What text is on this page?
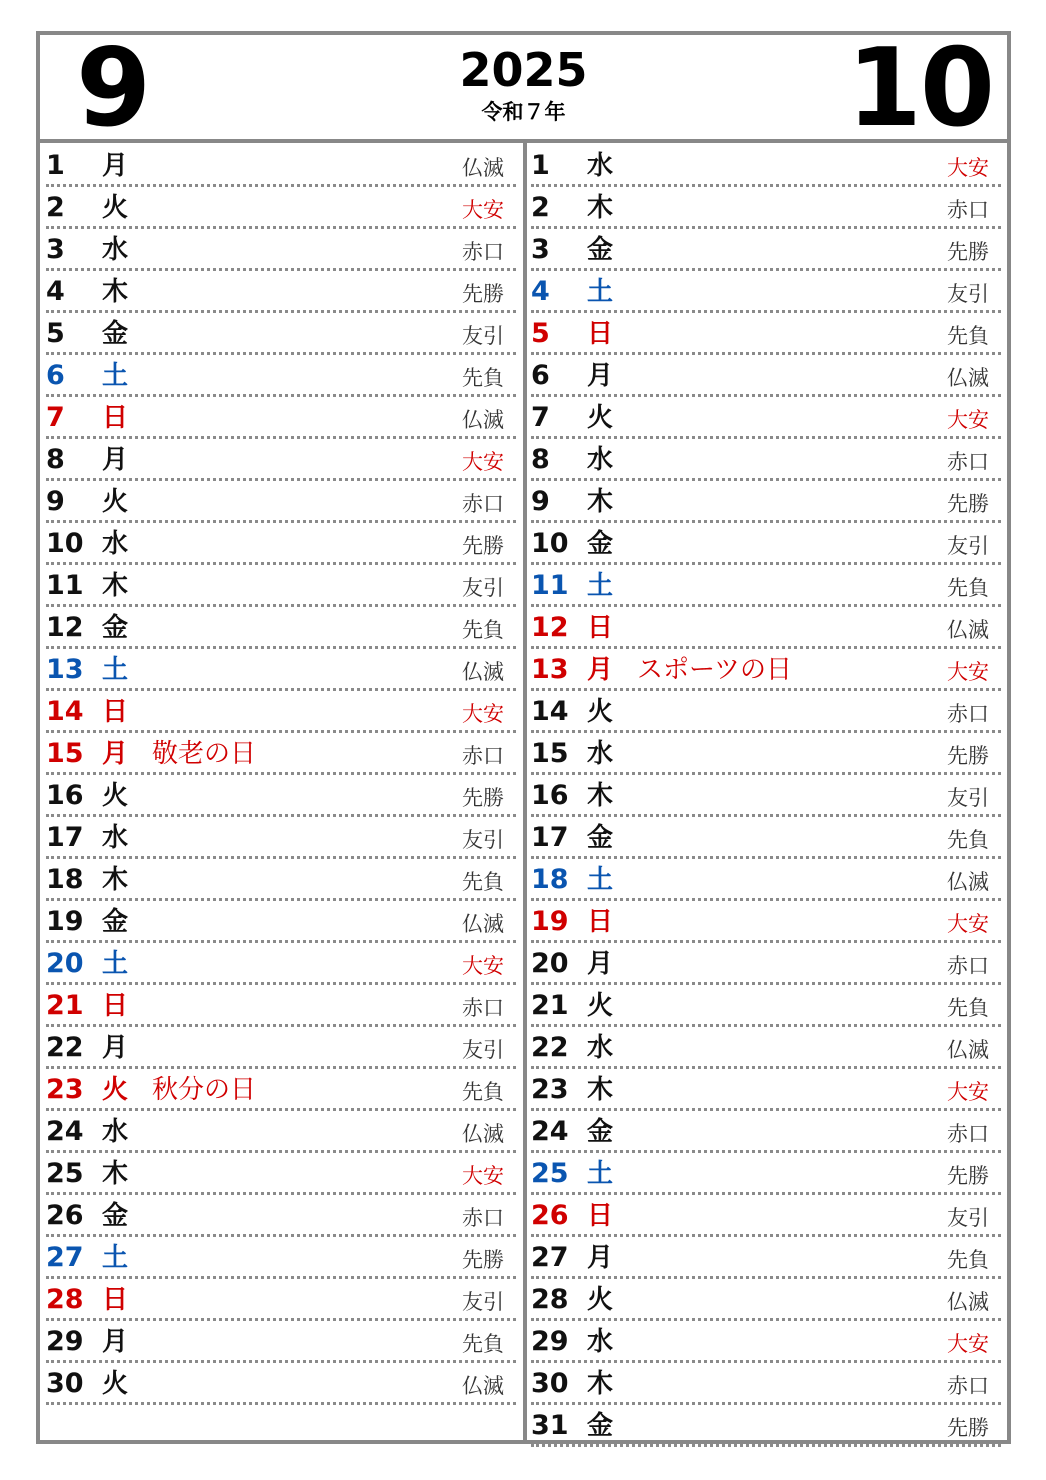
9	2025
令和７年	10
1	月	仏滅
2	火	大安
3	水	赤口
4	木	先勝
5	金	友引
6	土	先負
7	日	仏滅
8	月	大安
9	火	赤口
10 水	先勝
11 木	友引
12 金	先負
13 土	仏滅
14 日	大安
15 月 敬老の日	赤口
16 火	先勝
17 水	友引
18 木	先負
19 金	仏滅
20 土	大安
21 日	赤口
22 月	友引
23 火 秋分の日	先負
24 水	仏滅
25 木	大安
26 金	赤口
27 土	先勝
28 日	友引
29 月	先負
30 火	仏滅
1	水	大安
2	木	赤口
3	金	先勝
4	土	友引
5	日	先負
6	月	仏滅
7	火	大安
8	水	赤口
9	木	先勝
10 金	友引
11 土	先負
12 日	仏滅
13 月 スポーツの日	大安
14 火	赤口
15 水	先勝
16 木	友引
17 金	先負
18 土	仏滅
19 日	大安
20 月	赤口
21 火	先負
22 水	仏滅
23 木	大安
24 金	赤口
25 土	先勝
26 日	友引
27 月	先負
28 火	仏滅
29 水	大安
30 木	赤口
31 金	先勝
